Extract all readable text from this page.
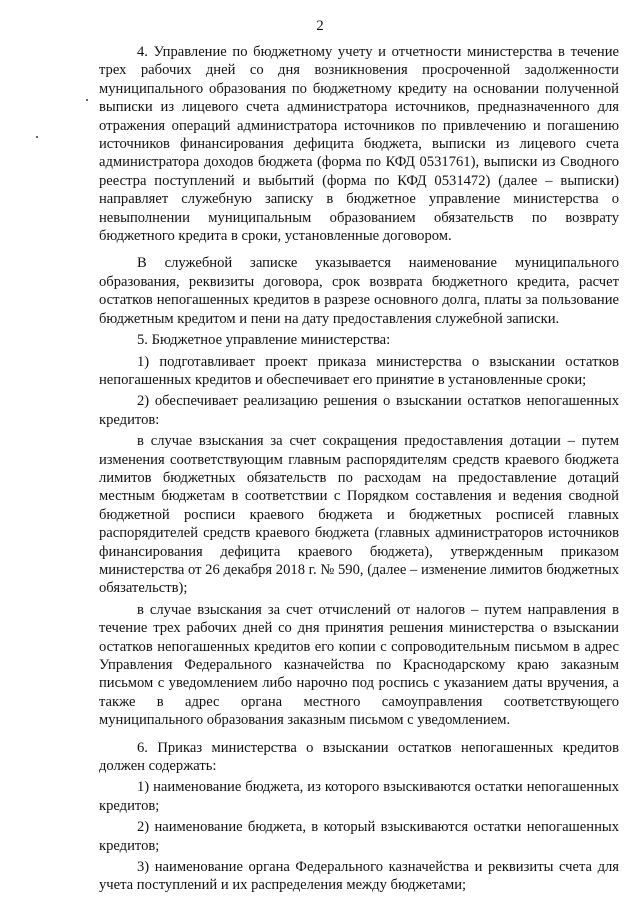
2

4. Управление по бюджетному учету и отчетности министерства в течение трех рабочих дней со дня возникновения просроченной задолженности муниципального образования по бюджетному кредиту на основании полученной выписки из лицевого счета администратора источников, предназначенного для отражения операций администратора источников по привлечению и погашению источников финансирования дефицита бюджета, выписки из лицевого счета администратора доходов бюджета (форма по КФД 0531761), выписки из Сводного реестра поступлений и выбытий (форма по КФД 0531472) (далее – выписки) направляет служебную записку в бюджетное управление министерства о невыполнении муниципальным образованием обязательств по возврату бюджетного кредита в сроки, установленные договором.

В служебной записке указывается наименование муниципального образования, реквизиты договора, срок возврата бюджетного кредита, расчет остатков непогашенных кредитов в разрезе основного долга, платы за пользование бюджетным кредитом и пени на дату предоставления служебной записки.

5. Бюджетное управление министерства:

1) подготавливает проект приказа министерства о взыскании остатков непогашенных кредитов и обеспечивает его принятие в установленные сроки;

2) обеспечивает реализацию решения о взыскании остатков непогашенных кредитов:

в случае взыскания за счет сокращения предоставления дотации – путем изменения соответствующим главным распорядителям средств краевого бюджета лимитов бюджетных обязательств по расходам на предоставление дотаций местным бюджетам в соответствии с Порядком составления и ведения сводной бюджетной росписи краевого бюджета и бюджетных росписей главных распорядителей средств краевого бюджета (главных администраторов источников финансирования дефицита краевого бюджета), утвержденным приказом министерства от 26 декабря 2018 г. № 590, (далее – изменение лимитов бюджетных обязательств);

в случае взыскания за счет отчислений от налогов – путем направления в течение трех рабочих дней со дня принятия решения министерства о взыскании остатков непогашенных кредитов его копии с сопроводительным письмом в адрес Управления Федерального казначейства по Краснодарскому краю заказным письмом с уведомлением либо нарочно под роспись с указанием даты вручения, а также в адрес органа местного самоуправления соответствующего муниципального образования заказным письмом с уведомлением.

6. Приказ министерства о взыскании остатков непогашенных кредитов должен содержать:

1) наименование бюджета, из которого взыскиваются остатки непогашенных кредитов;

2) наименование бюджета, в который взыскиваются остатки непогашенных кредитов;

3) наименование органа Федерального казначейства и реквизиты счета для учета поступлений и их распределения между бюджетами;
